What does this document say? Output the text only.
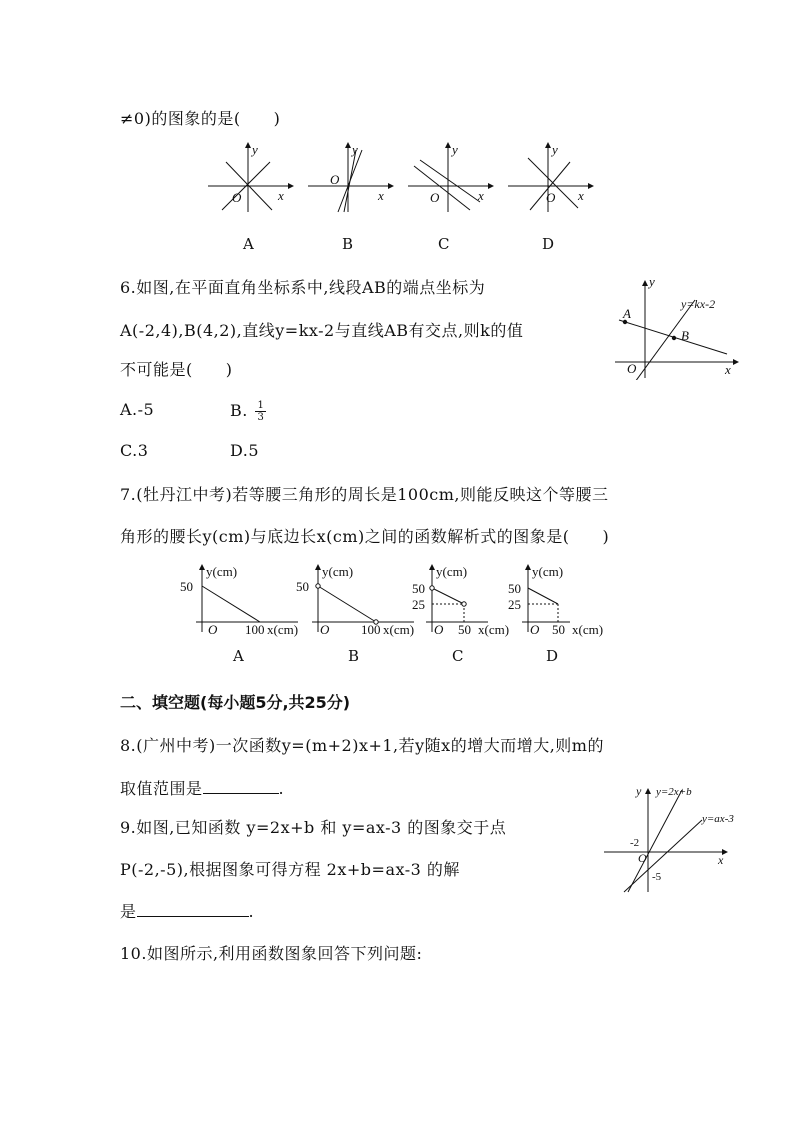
≠0)的图象的是(　　)
y
x
O
y
x
O
y
x
O
y
x
O
A	B	C	D
6.如图,在平面直角坐标系中,线段AB的端点坐标为
A(-2,4),B(4,2),直线y=kx-2与直线AB有交点,则k的值
不可能是(　　)
A.-5	B. $\frac{1}{3}$
C.3	D.5
y
x
O
A
B
y=kx-2
7.(牡丹江中考)若等腰三角形的周长是100cm,则能反映这个等腰三
角形的腰长y(cm)与底边长x(cm)之间的函数解析式的图象是(　　)
y(cm)
50
O 100 x(cm)
y(cm)
50
O 100 x(cm)
y(cm)
50
25
O 50 x(cm)
y(cm)
50
25
O 50 x(cm)
A	B	C	D
二、填空题(每小题5分,共25分)
8.(广州中考)一次函数y=(m+2)x+1,若y随x的增大而增大,则m的
取值范围是	.
9.如图,已知函数 y=2x+b 和 y=ax-3 的图象交于点
P(-2,-5),根据图象可得方程 2x+b=ax-3 的解
是	.
y
x
O
y=2x+b
y=ax-3
-2
-5
10.如图所示,利用函数图象回答下列问题:
